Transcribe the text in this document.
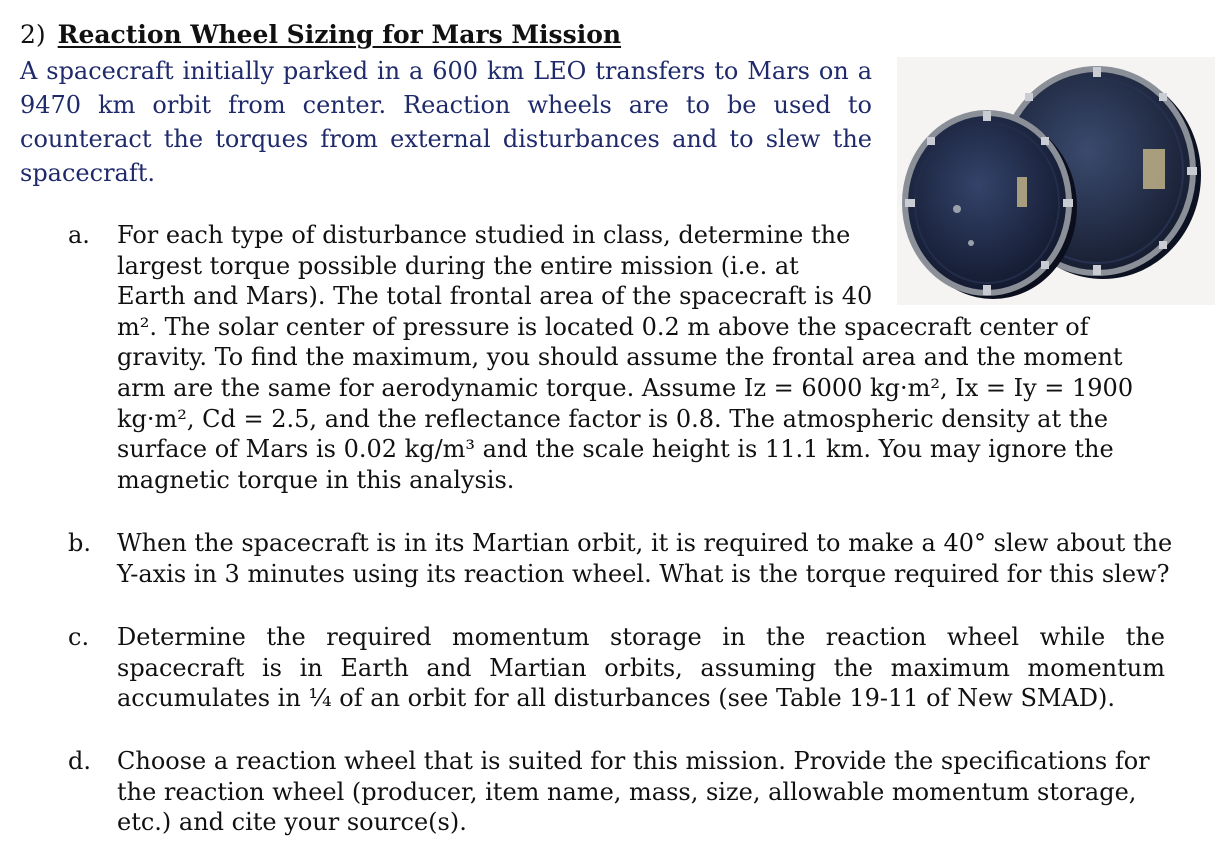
2) Reaction Wheel Sizing for Mars Mission
A spacecraft initially parked in a 600 km LEO transfers to Mars on a
9470 km orbit from center. Reaction wheels are to be used to
counteract the torques from external disturbances and to slew the
spacecraft.
a. For each type of disturbance studied in class, determine the
largest torque possible during the entire mission (i.e. at
Earth and Mars). The total frontal area of the spacecraft is 40
m². The solar center of pressure is located 0.2 m above the spacecraft center of
gravity. To find the maximum, you should assume the frontal area and the moment
arm are the same for aerodynamic torque. Assume Iz = 6000 kg·m², Ix = Iy = 1900
kg·m², Cd = 2.5, and the reflectance factor is 0.8. The atmospheric density at the
surface of Mars is 0.02 kg/m³ and the scale height is 11.1 km. You may ignore the
magnetic torque in this analysis.
b. When the spacecraft is in its Martian orbit, it is required to make a 40° slew about the
Y-axis in 3 minutes using its reaction wheel. What is the torque required for this slew?
c. Determine the required momentum storage in the reaction wheel while the
spacecraft is in Earth and Martian orbits, assuming the maximum momentum
accumulates in ¼ of an orbit for all disturbances (see Table 19-11 of New SMAD).
d. Choose a reaction wheel that is suited for this mission. Provide the specifications for
the reaction wheel (producer, item name, mass, size, allowable momentum storage,
etc.) and cite your source(s).
